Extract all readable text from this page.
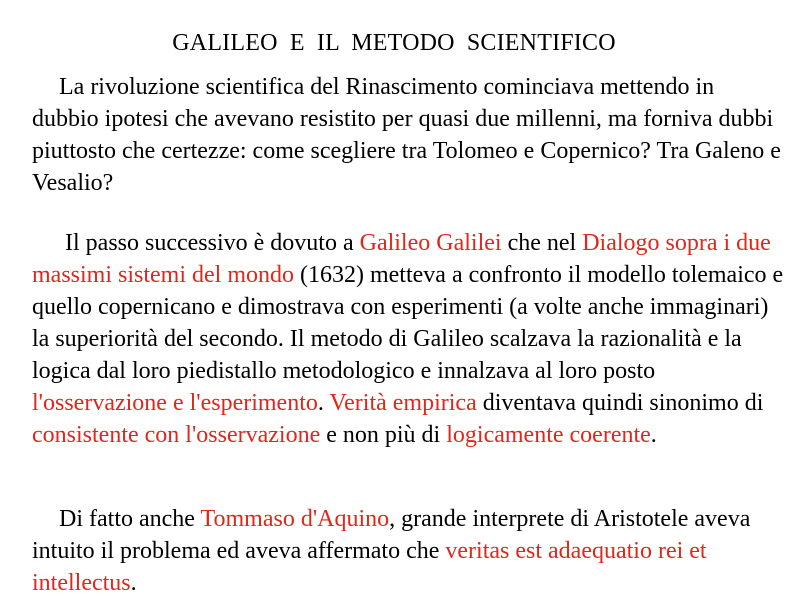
GALILEO E IL METODO SCIENTIFICO

La rivoluzione scientifica del Rinascimento cominciava mettendo in dubbio ipotesi che avevano resistito per quasi due millenni, ma forniva dubbi piuttosto che certezze: come scegliere tra Tolomeo e Copernico? Tra Galeno e Vesalio?

Il passo successivo è dovuto a Galileo Galilei che nel Dialogo sopra i due massimi sistemi del mondo (1632) metteva a confronto il modello tolemaico e quello copernicano e dimostrava con esperimenti (a volte anche immaginari) la superiorità del secondo. Il metodo di Galileo scalzava la razionalità e la logica dal loro piedistallo metodologico e innalzava al loro posto l'osservazione e l'esperimento. Verità empirica diventava quindi sinonimo di consistente con l'osservazione e non più di logicamente coerente.

Di fatto anche Tommaso d'Aquino, grande interprete di Aristotele aveva intuito il problema ed aveva affermato che veritas est adaequatio rei et intellectus.
